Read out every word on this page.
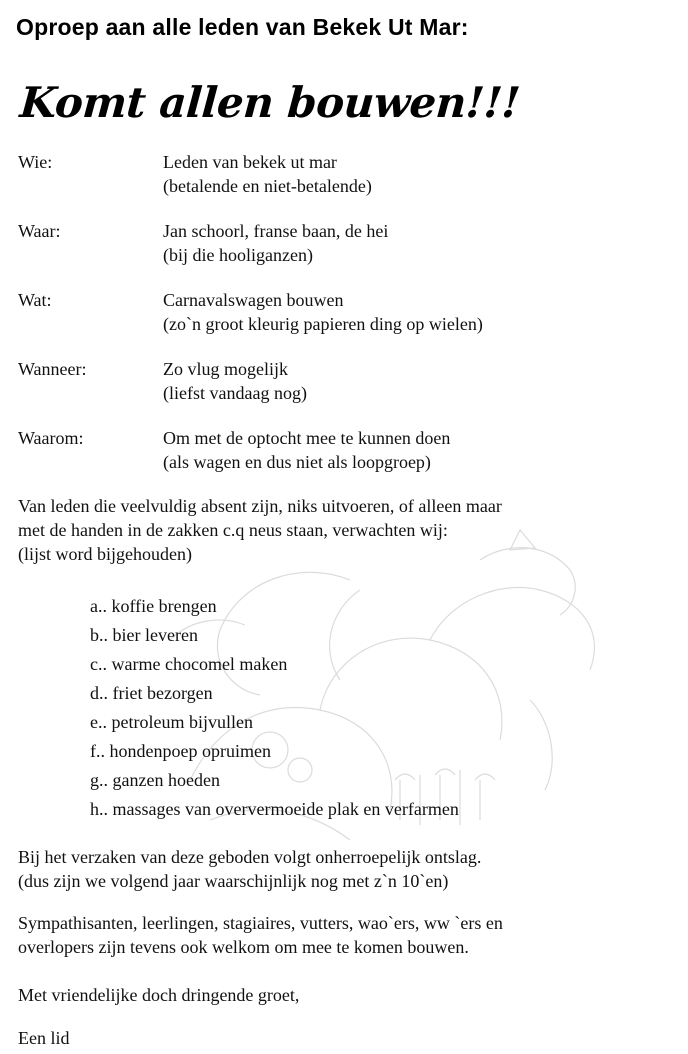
Oproep aan alle leden van Bekek Ut Mar:
Komt allen bouwen!!!
Wie:	Leden van bekek ut mar
(betalende en niet-betalende)
Waar:	Jan schoorl, franse baan, de hei
(bij die hooliganzen)
Wat:	Carnavalswagen bouwen
(zo`n groot kleurig papieren ding op wielen)
Wanneer:	Zo vlug mogelijk
(liefst vandaag nog)
Waarom:	Om met de optocht mee te kunnen doen
(als wagen en dus niet als loopgroep)
Van leden die veelvuldig absent zijn, niks uitvoeren, of alleen maar
met de handen in de zakken c.q neus staan, verwachten wij:
(lijst word bijgehouden)
a.. koffie brengen
b.. bier leveren
c.. warme chocomel maken
d.. friet bezorgen
e.. petroleum bijvullen
f.. hondenpoep opruimen
g.. ganzen hoeden
h.. massages van oververmoeide plak en verfarmen
Bij het verzaken van deze geboden volgt onherroepelijk ontslag.
(dus zijn we volgend jaar waarschijnlijk nog met z`n 10`en)
Sympathisanten, leerlingen, stagiaires, vutters, wao`ers, ww `ers en
overlopers zijn tevens ook welkom om mee te komen bouwen.
Met vriendelijke doch dringende groet,
Een lid
